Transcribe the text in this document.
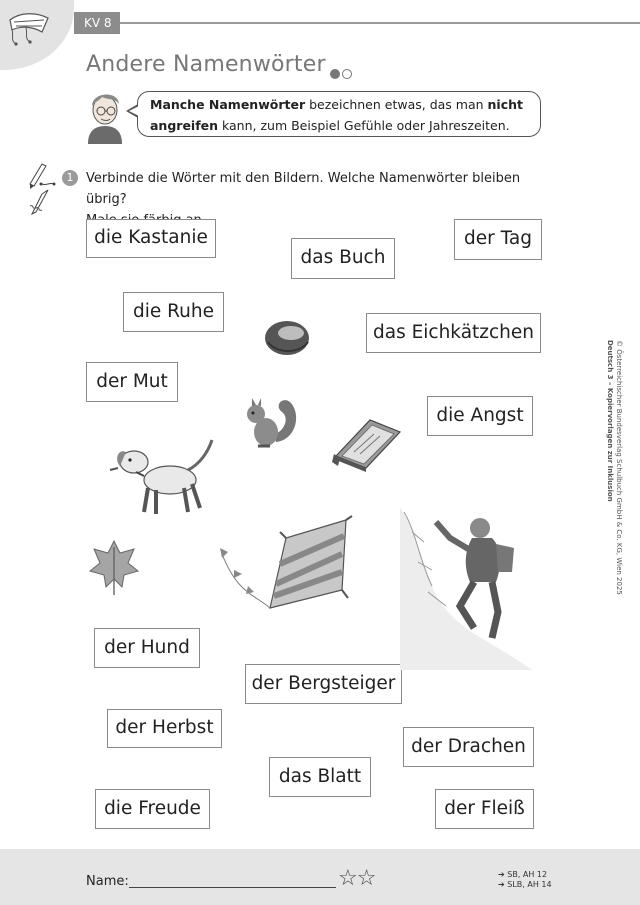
KV 8
Andere Namenwörter
Manche Namenwörter bezeichnen etwas, das man nicht
angreifen kann, zum Beispiel Gefühle oder Jahreszeiten.
1 Verbinde die Wörter mit den Bildern. Welche Namenwörter bleiben übrig?
die Kastanie
das Buch
der Tag
die Ruhe
das Eichkätzchen
der Mut
die Angst
der Hund
der Bergsteiger
der Herbst
der Drachen
das Blatt
die Freude	der Fleiß
© Österreichischer Bundesverlag Schulbuch GmbH & Co. KG, Wien 2025
Deutsch 3 – Kopiervorlagen zur Inklusion
Name:	☆☆	➔ SB, AH 12
➔ SLB, AH 14
